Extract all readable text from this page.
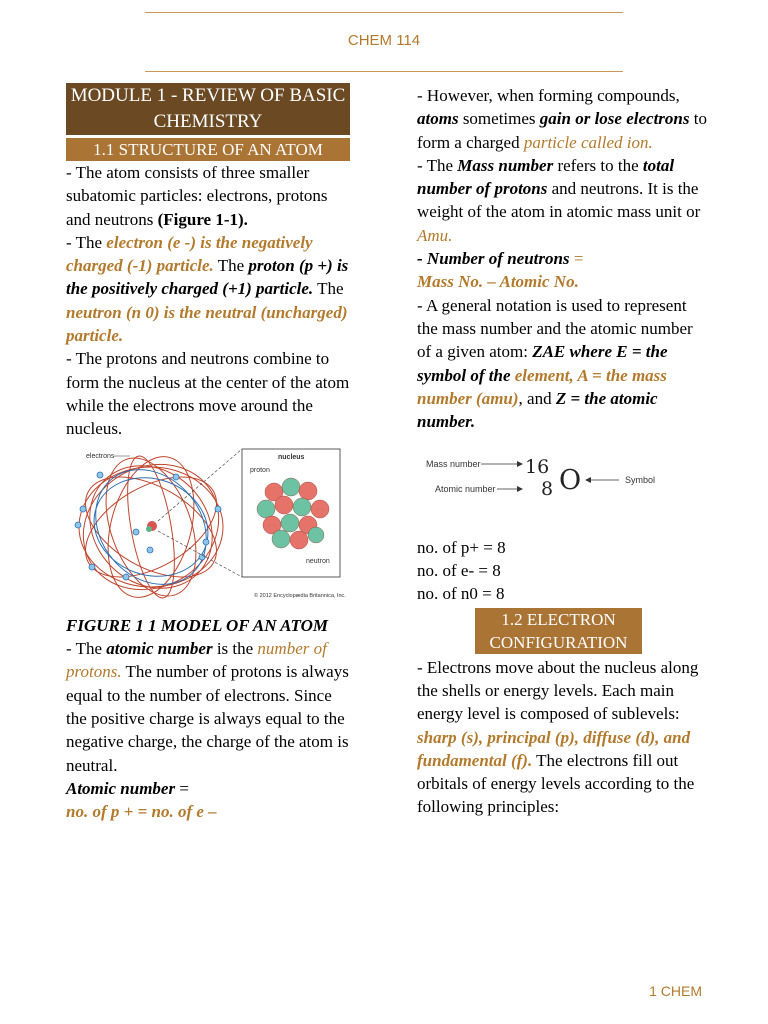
CHEM 114
MODULE 1 - REVIEW OF BASIC CHEMISTRY
1.1 STRUCTURE OF AN ATOM

- The atom consists of three smaller subatomic particles: electrons, protons and neutrons (Figure 1-1).

- The electron (e -) is the negatively charged (-1) particle. The proton (p +) is the positively charged (+1) particle. The neutron (n 0) is the neutral (uncharged) particle.

- The protons and neutrons combine to form the nucleus at the center of the atom while the electrons move around the nucleus.

electrons	nucleus
proton
neutron
© 2012 Encyclopædia Britannica, Inc.

FIGURE 1 1 MODEL OF AN ATOM

- The atomic number is the number of protons. The number of protons is always equal to the number of electrons. Since the positive charge is always equal to the negative charge, the charge of the atom is neutral.

Atomic number =

no. of p + = no. of e –

- However, when forming compounds, atoms sometimes gain or lose electrons to form a charged particle called ion.

- The Mass number refers to the total number of protons and neutrons. It is the weight of the atom in atomic mass unit or Amu.

- Number of neutrons =

Mass No. – Atomic No.

- A general notation is used to represent the mass number and the atomic number of a given atom: ZAE where E = the symbol of the element, A = the mass number (amu), and Z = the atomic number.

Mass number
Atomic number
16
8 O	Symbol

no. of p+ = 8

no. of e- = 8

no. of n0 = 8

1.2 ELECTRON CONFIGURATION

- Electrons move about the nucleus along the shells or energy levels. Each main energy level is composed of sublevels: sharp (s), principal (p), diffuse (d), and fundamental (f). The electrons fill out orbitals of energy levels according to the following principles:

1 CHEM
